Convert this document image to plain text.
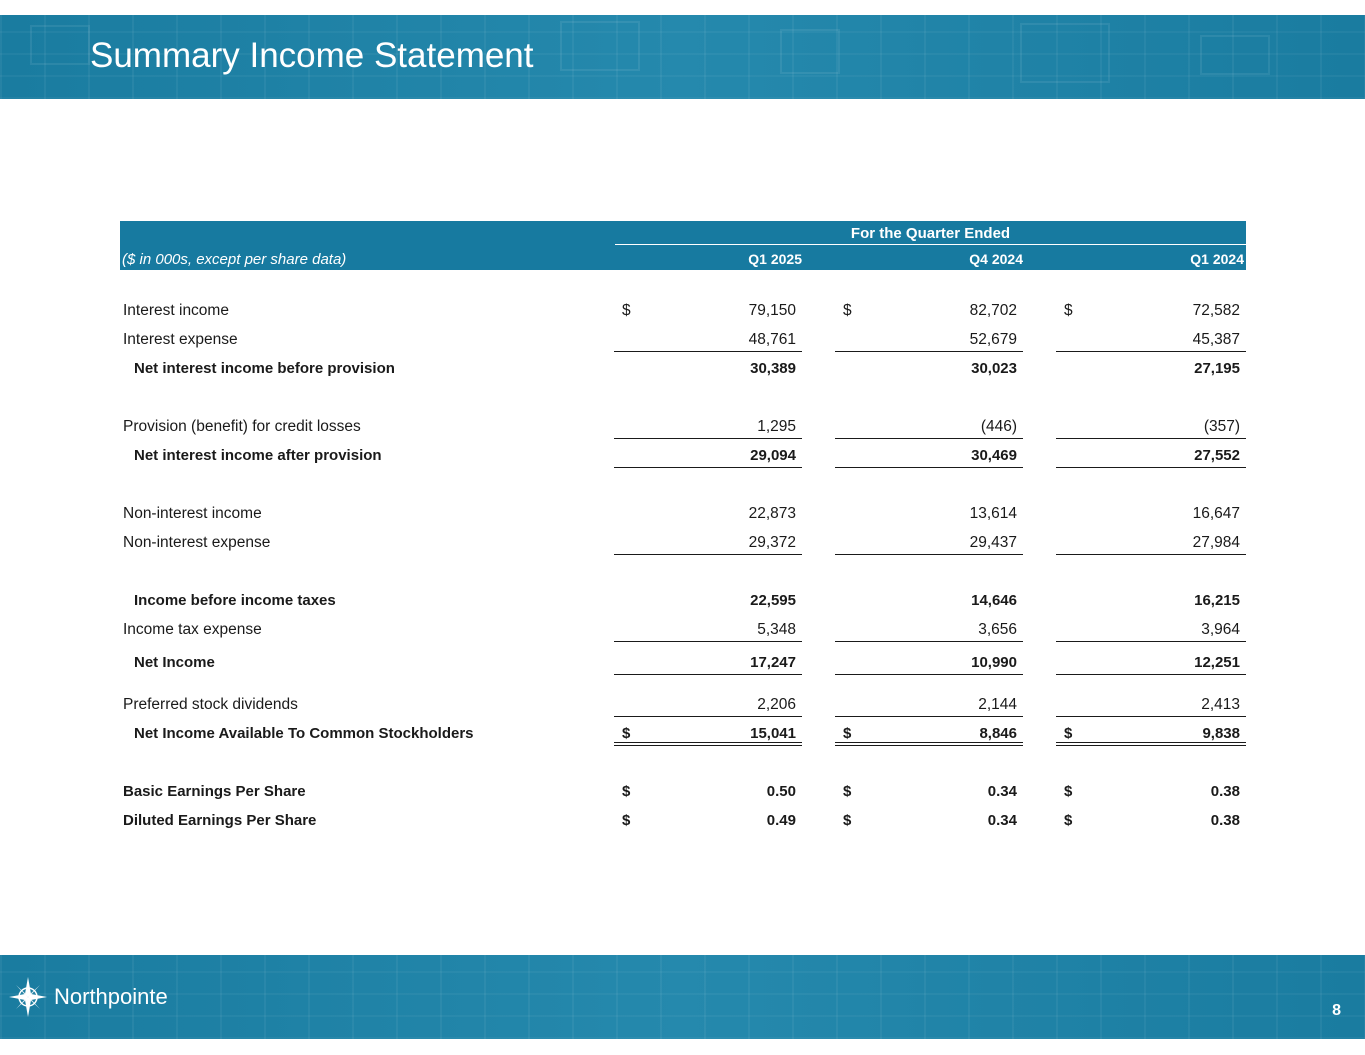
Summary Income Statement
For the Quarter Ended
($ in 000s, except per share data)	Q1 2025	Q4 2024	Q1 2024
Interest income	$	79,150	$	82,702	$	72,582
Interest expense	48,761	52,679	45,387
Net interest income before provision	30,389	30,023	27,195
Provision (benefit) for credit losses	1,295	(446)	(357)
Net interest income after provision	29,094	30,469	27,552
Non-interest income	22,873	13,614	16,647
Non-interest expense	29,372	29,437	27,984
Income before income taxes	22,595	14,646	16,215
Income tax expense	5,348	3,656	3,964
Net Income	17,247	10,990	12,251
Preferred stock dividends	2,206	2,144	2,413
Net Income Available To Common Stockholders	$	15,041	$	8,846	$	9,838
Basic Earnings Per Share	$	0.50	$	0.34	$	0.38
Diluted Earnings Per Share	$	0.49	$	0.34	$	0.38
Northpointe
8
